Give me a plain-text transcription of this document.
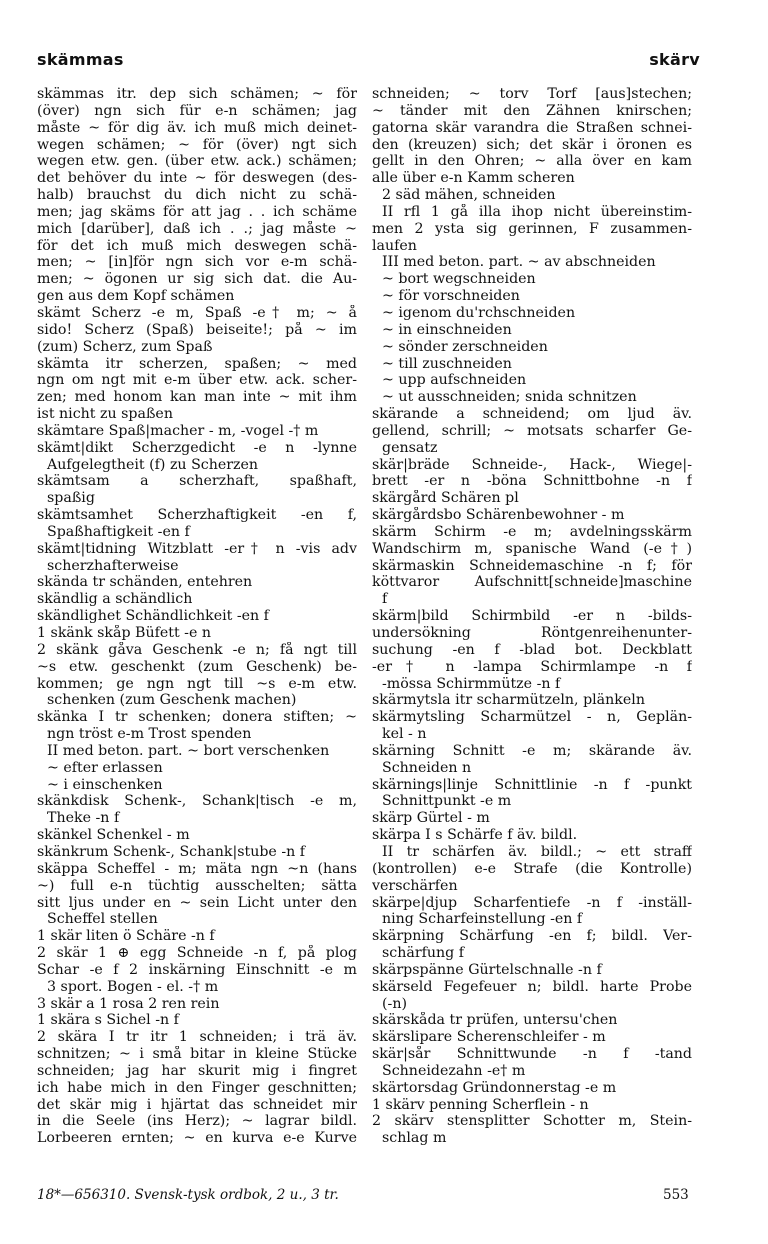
skämmas	skärv
skämmas itr. dep sich schämen; ~ för
(över) ngn sich für e-n schämen; jag
måste ~ för dig äv. ich muß mich deinet-
wegen schämen; ~ för (över) ngt sich
wegen etw. gen. (über etw. ack.) schämen;
det behöver du inte ~ för deswegen (des-
halb) brauchst du dich nicht zu schä-
men; jag skäms för att jag . . ich schäme
mich [darüber], daß ich . .; jag måste ~
för det ich muß mich deswegen schä-
men; ~ [in]för ngn sich vor e-m schä-
men; ~ ögonen ur sig sich dat. die Au-
gen aus dem Kopf schämen
skämt Scherz -e m, Spaß -e† m; ~ å
sido! Scherz (Spaß) beiseite!; på ~ im
(zum) Scherz, zum Spaß
skämta itr scherzen, spaßen; ~ med
ngn om ngt mit e-m über etw. ack. scher-
zen; med honom kan man inte ~ mit ihm
ist nicht zu spaßen
skämtare Spaß|macher - m, -vogel -† m
skämt|dikt Scherzgedicht -e n -lynne
Aufgelegtheit (f) zu Scherzen
skämtsam a scherzhaft, spaßhaft,
spaßig
skämtsamhet Scherzhaftigkeit -en f,
Spaßhaftigkeit -en f
skämt|tidning Witzblatt -er† n -vis adv
scherzhafterweise
skända tr schänden, entehren
skändlig a schändlich
skändlighet Schändlichkeit -en f
1 skänk skåp Büfett -e n
2 skänk gåva Geschenk -e n; få ngt till
~s etw. geschenkt (zum Geschenk) be-
kommen; ge ngn ngt till ~s e-m etw.
schenken (zum Geschenk machen)
skänka I tr schenken; donera stiften; ~
ngn tröst e-m Trost spenden
II med beton. part. ~ bort verschenken
~ efter erlassen
~ i einschenken
skänkdisk Schenk-, Schank|tisch -e m,
Theke -n f
skänkel Schenkel - m
skänkrum Schenk-, Schank|stube -n f
skäppa Scheffel - m; mäta ngn ~n (hans
~) full e-n tüchtig ausschelten; sätta
sitt ljus under en ~ sein Licht unter den
Scheffel stellen
1 skär liten ö Schäre -n f
2 skär 1 ⊕ egg Schneide -n f, på plog
Schar -e f 2 inskärning Einschnitt -e m
3 sport. Bogen - el. -† m
3 skär a 1 rosa 2 ren rein
1 skära s Sichel -n f
2 skära I tr itr 1 schneiden; i trä äv.
schnitzen; ~ i små bitar in kleine Stücke
schneiden; jag har skurit mig i fingret
ich habe mich in den Finger geschnitten;
det skär mig i hjärtat das schneidet mir
in die Seele (ins Herz); ~ lagrar bildl.
Lorbeeren ernten; ~ en kurva e-e Kurve
schneiden; ~ torv Torf [aus]stechen;
~ tänder mit den Zähnen knirschen;
gatorna skär varandra die Straßen schnei-
den (kreuzen) sich; det skär i öronen es
gellt in den Ohren; ~ alla över en kam
alle über e-n Kamm scheren
2 säd mähen, schneiden
II rfl 1 gå illa ihop nicht übereinstim-
men 2 ysta sig gerinnen, F zusammen-
laufen
III med beton. part. ~ av abschneiden
~ bort wegschneiden
~ för vorschneiden
~ igenom du'rchschneiden
~ in einschneiden
~ sönder zerschneiden
~ till zuschneiden
~ upp aufschneiden
~ ut ausschneiden; snida schnitzen
skärande a schneidend; om ljud äv.
gellend, schrill; ~ motsats scharfer Ge-
gensatz
skär|bräde Schneide-, Hack-, Wiege|-
brett -er n -böna Schnittbohne -n f
skärgård Schären pl
skärgårdsbo Schärenbewohner - m
skärm Schirm -e m; avdelningsskärm
Wandschirm m, spanische Wand (-e†)
skärmaskin Schneidemaschine -n f; för
köttvaror Aufschnitt[schneide]maschine
f
skärm|bild Schirmbild -er n -bilds-
undersökning Röntgenreihenunter-
suchung -en f -blad bot. Deckblatt
-er† n -lampa Schirmlampe -n f
-mössa Schirmmütze -n f
skärmytsla itr scharmützeln, plänkeln
skärmytsling Scharmützel - n, Geplän-
kel - n
skärning Schnitt -e m; skärande äv.
Schneiden n
skärnings|linje Schnittlinie -n f -punkt
Schnittpunkt -e m
skärp Gürtel - m
skärpa I s Schärfe f äv. bildl.
II tr schärfen äv. bildl.; ~ ett straff
(kontrollen) e-e Strafe (die Kontrolle)
verschärfen
skärpe|djup Scharfentiefe -n f -inställ-
ning Scharfeinstellung -en f
skärpning Schärfung -en f; bildl. Ver-
schärfung f
skärpspänne Gürtelschnalle -n f
skärseld Fegefeuer n; bildl. harte Probe
(-n)
skärskåda tr prüfen, untersu'chen
skärslipare Scherenschleifer - m
skär|sår Schnittwunde -n f -tand
Schneidezahn -e† m
skärtorsdag Gründonnerstag -e m
1 skärv penning Scherflein - n
2 skärv stensplitter Schotter m, Stein-
schlag m
18*—656310. Svensk-tysk ordbok, 2 u., 3 tr.	553
